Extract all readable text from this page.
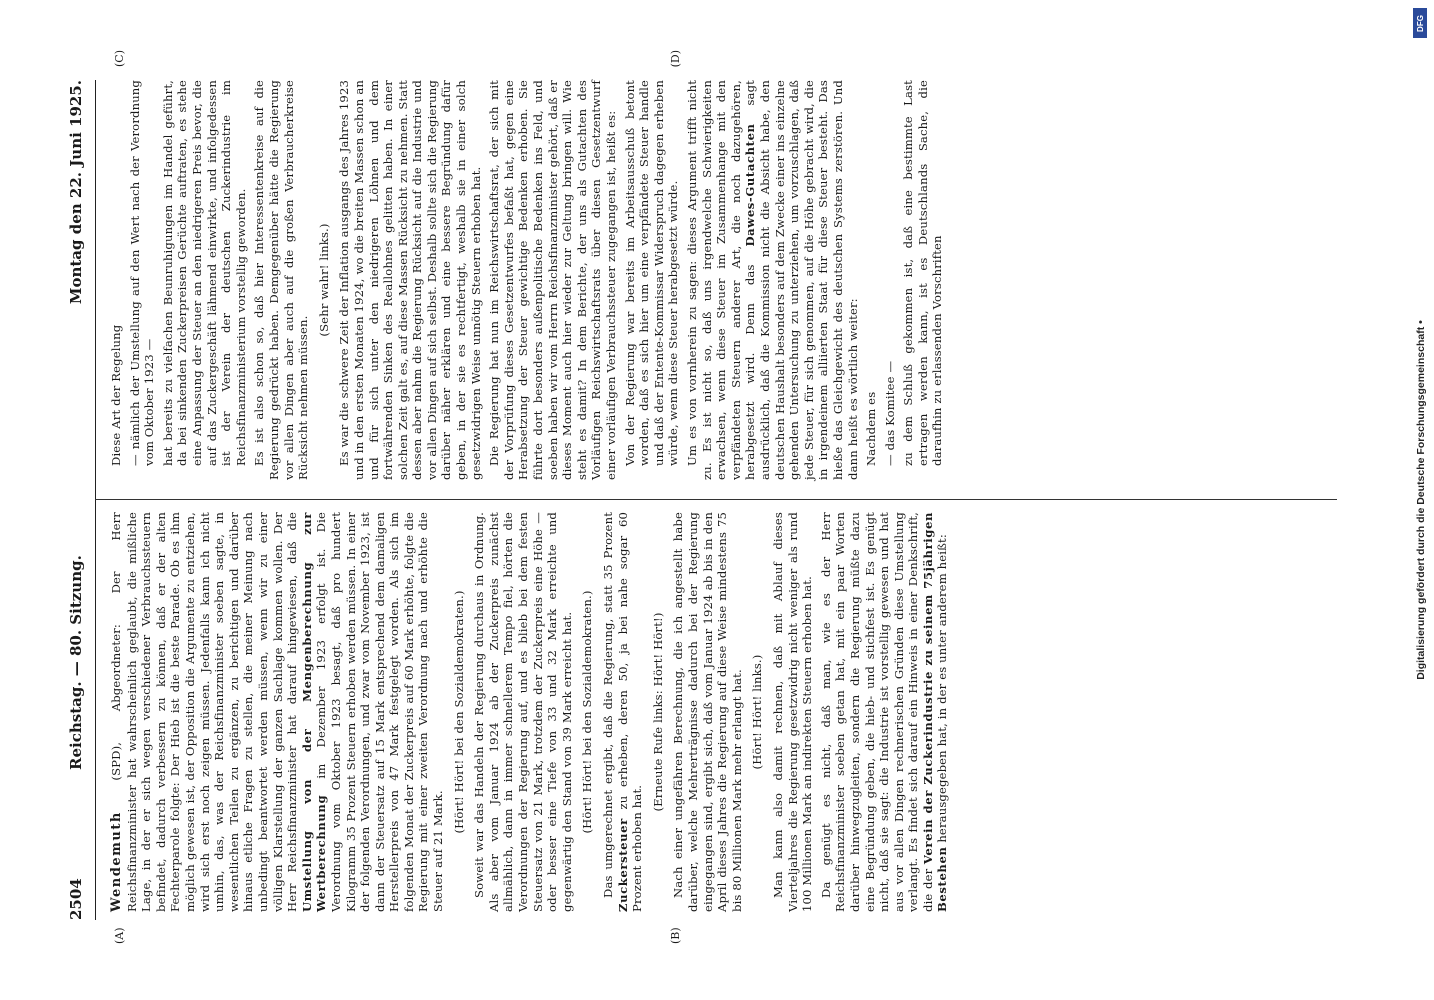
2504
Reichstag. — 80. Sitzung.
Montag den 22. Juni 1925.
(A)	(B)
(C)	(D)

Wendemuth (SPD), Abgeordneter: Der Herr Reichsfinanzminister hat wahrscheinlich geglaubt, die mißliche Lage, in der er sich wegen verschiedener Verbrauchssteuern befindet, dadurch verbessern zu können, daß er der alten Fechterparole folgte: Der Hieb ist die beste Parade. Ob es ihm möglich gewesen ist, der Opposition die Argumente zu entziehen, wird sich erst noch zeigen müssen. Jedenfalls kann ich nicht umhin, das, was der Reichsfinanzminister soeben sagte, in wesentlichen Teilen zu ergänzen, zu berichtigen und darüber hinaus etliche Fragen zu stellen, die meiner Meinung nach unbedingt beantwortet werden müssen, wenn wir zu einer völligen Klarstellung der ganzen Sachlage kommen wollen. Der Herr Reichsfinanzminister hat darauf hingewiesen, daß die Umstellung von der Mengenberechnung zur Wertberechnung im Dezember 1923 erfolgt ist. Die Verordnung vom Oktober 1923 besagt, daß pro hundert Kilogramm 35 Prozent Steuern erhoben werden müssen. In einer der folgenden Verordnungen, und zwar vom November 1923, ist dann der Steuersatz auf 15 Mark entsprechend dem damaligen Herstellerpreis von 47 Mark festgelegt worden. Als sich im folgenden Monat der Zuckerpreis auf 60 Mark erhöhte, folgte die Regierung mit einer zweiten Verordnung nach und erhöhte die Steuer auf 21 Mark.

(Hört! Hört! bei den Sozialdemokraten.) Soweit war das Handeln der Regierung durchaus in Ordnung. Als aber vom Januar 1924 ab der Zuckerpreis zunächst allmählich, dann in immer schnellerem Tempo fiel, hörten die Verordnungen der Regierung auf, und es blieb bei dem festen Steuersatz von 21 Mark, trotzdem der Zuckerpreis eine Höhe — oder besser eine Tiefe von 33 und 32 Mark erreichte und gegenwärtig den Stand von 39 Mark erreicht hat. (Hört! Hört! bei den Sozialdemokraten.) Das umgerechnet ergibt, daß die Regierung, statt 35 Prozent Zuckersteuer zu erheben, deren 50, ja bei nahe sogar 60 Prozent erhoben hat.

(Erneute Rufe links: Hört! Hört!) Nach einer ungefähren Berechnung, die ich angestellt habe darüber, welche Mehrerträgnisse dadurch bei der Regierung eingegangen sind, ergibt sich, daß vom Januar 1924 ab bis in den April dieses Jahres die Regierung auf diese Weise mindestens 75 bis 80 Millionen Mark mehr erlangt hat. (Hört! Hört! links.) Man kann also damit rechnen, daß mit Ablauf dieses Vierteljahres die Regierung gesetzwidrig nicht weniger als rund 100 Millionen Mark an indirekten Steuern erhoben hat. Da genügt es nicht, daß man, wie es der Herr Reichsfinanzminister soeben getan hat, mit ein paar Worten darüber hinwegzugleiten, sondern die Regierung müßte dazu eine Begründung geben, die hieb- und stichfest ist. Es genügt nicht, daß sie sagt: die Industrie ist vorstellig gewesen und hat aus vor allen Dingen rechnerischen Gründen diese Umstellung verlangt. Es findet sich darauf ein Hinweis in einer Denkschrift, die der Verein der Zuckerindustrie zu seinem 75jährigen Bestehen herausgegeben hat, in der es unter anderem heißt:

Diese Art der Regelung — nämlich der Umstellung auf den Wert nach der Verordnung vom Oktober 1923 — hat bereits zu vielfachen Beunruhigungen im Handel geführt, da bei sinkenden Zuckerpreisen Gerüchte auftraten, es stehe eine Anpassung der Steuer an den niedrigeren Preis bevor, die auf das Zuckergeschäft lähmend einwirkte, und infolgedessen ist der Verein der deutschen Zuckerindustrie im Reichsfinanzministerium vorstellig geworden. Es ist also schon so, daß hier Interessentenkreise auf die Regierung gedrückt haben. Demgegenüber hätte die Regierung vor allen Dingen aber auch auf die großen Verbraucherkreise Rücksicht nehmen müssen.

(Sehr wahr! links.) Es war die schwere Zeit der Inflation ausgangs des Jahres 1923 und in den ersten Monaten 1924, wo die breiten Massen schon an und für sich unter den niedrigeren Löhnen und dem fortwährenden Sinken des Reallohnes gelitten haben. In einer solchen Zeit galt es, auf diese Massen Rücksicht zu nehmen. Statt dessen aber nahm die Regierung Rücksicht auf die Industrie und vor allen Dingen auf sich selbst. Deshalb sollte sich die Regierung darüber näher erklären und eine bessere Begründung dafür geben, in der sie es rechtfertigt, weshalb sie in einer solch gesetzwidrigen Weise unnötig Steuern erhoben hat. Die Regierung hat nun im Reichswirtschaftsrat, der sich mit der Vorprüfung dieses Gesetzentwurfes befaßt hat, gegen eine Herabsetzung der Steuer gewichtige Bedenken erhoben. Sie führte dort besonders außenpolitische Bedenken ins Feld, und soeben haben wir vom Herrn Reichsfinanzminister gehört, daß er dieses Moment auch hier wieder zur Geltung bringen will. Wie steht es damit? In dem Berichte, der uns als Gutachten des Vorläufigen Reichswirtschaftsrats über diesen Gesetzentwurf einer vorläufigen Verbrauchssteuer zugegangen ist, heißt es: Von der Regierung war bereits im Arbeitsausschuß betont worden, daß es sich hier um eine verpfändete Steuer handle und daß der Entente-Kommissar Widerspruch dagegen erheben würde, wenn diese Steuer herabgesetzt würde. Um es von vornherein zu sagen: dieses Argument trifft nicht zu. Es ist nicht so, daß uns irgendwelche Schwierigkeiten erwachsen, wenn diese Steuer im Zusammenhange mit den verpfändeten Steuern anderer Art, die noch dazugehören, herabgesetzt wird. Denn das Dawes-Gutachten sagt ausdrücklich, daß die Kommission nicht die Absicht habe, den deutschen Haushalt besonders auf dem Zwecke einer ins einzelne gehenden Untersuchung zu unterziehen, um vorzuschlagen, daß jede Steuer, für sich genommen, auf die Höhe gebracht wird, die in irgendeinem alliierten Staat für diese Steuer besteht. Das hieße das Gleichgewicht des deutschen Systems zerstören. Und dann heißt es wörtlich weiter: Nachdem es — das Komitee — zu dem Schluß gekommen ist, daß eine bestimmte Last ertragen werden kann, ist es Deutschlands Sache, die daraufhin zu erlassenden Vorschriften

DFG
Digitalisierung gefördert durch die Deutsche Forschungsgemeinschaft •
